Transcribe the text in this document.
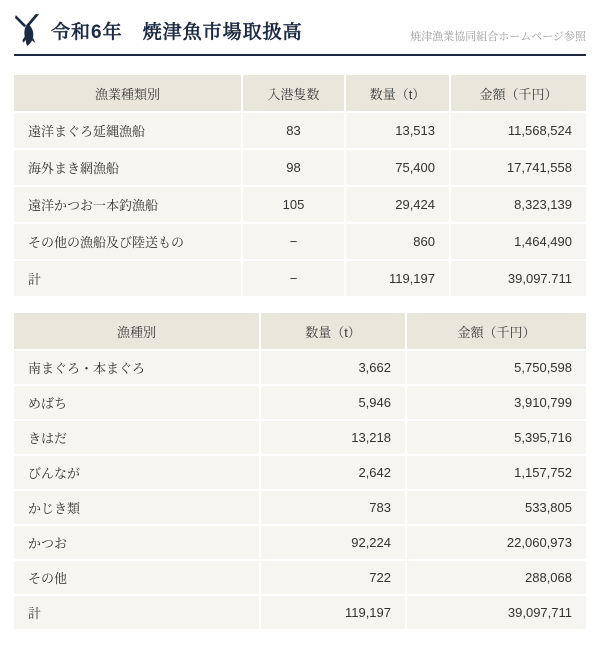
令和6年　焼津魚市場取扱高	焼津漁業協同組合ホームページ参照
漁業種類別	入港隻数	数量（t）	金額（千円）
遠洋まぐろ延縄漁船	83	13,513	11,568,524
海外まき網漁船	98	75,400	17,741,558
遠洋かつお一本釣漁船	105	29,424	8,323,139
その他の漁船及び陸送もの	−	860	1,464,490
計	−	119,197	39,097.711
漁種別	数量（t）	金額（千円）
南まぐろ・本まぐろ	3,662	5,750,598
めばち	5,946	3,910,799
きはだ	13,218	5,395,716
びんなが	2,642	1,157,752
かじき類	783	533,805
かつお	92,224	22,060,973
その他	722	288,068
計	119,197	39,097,711
